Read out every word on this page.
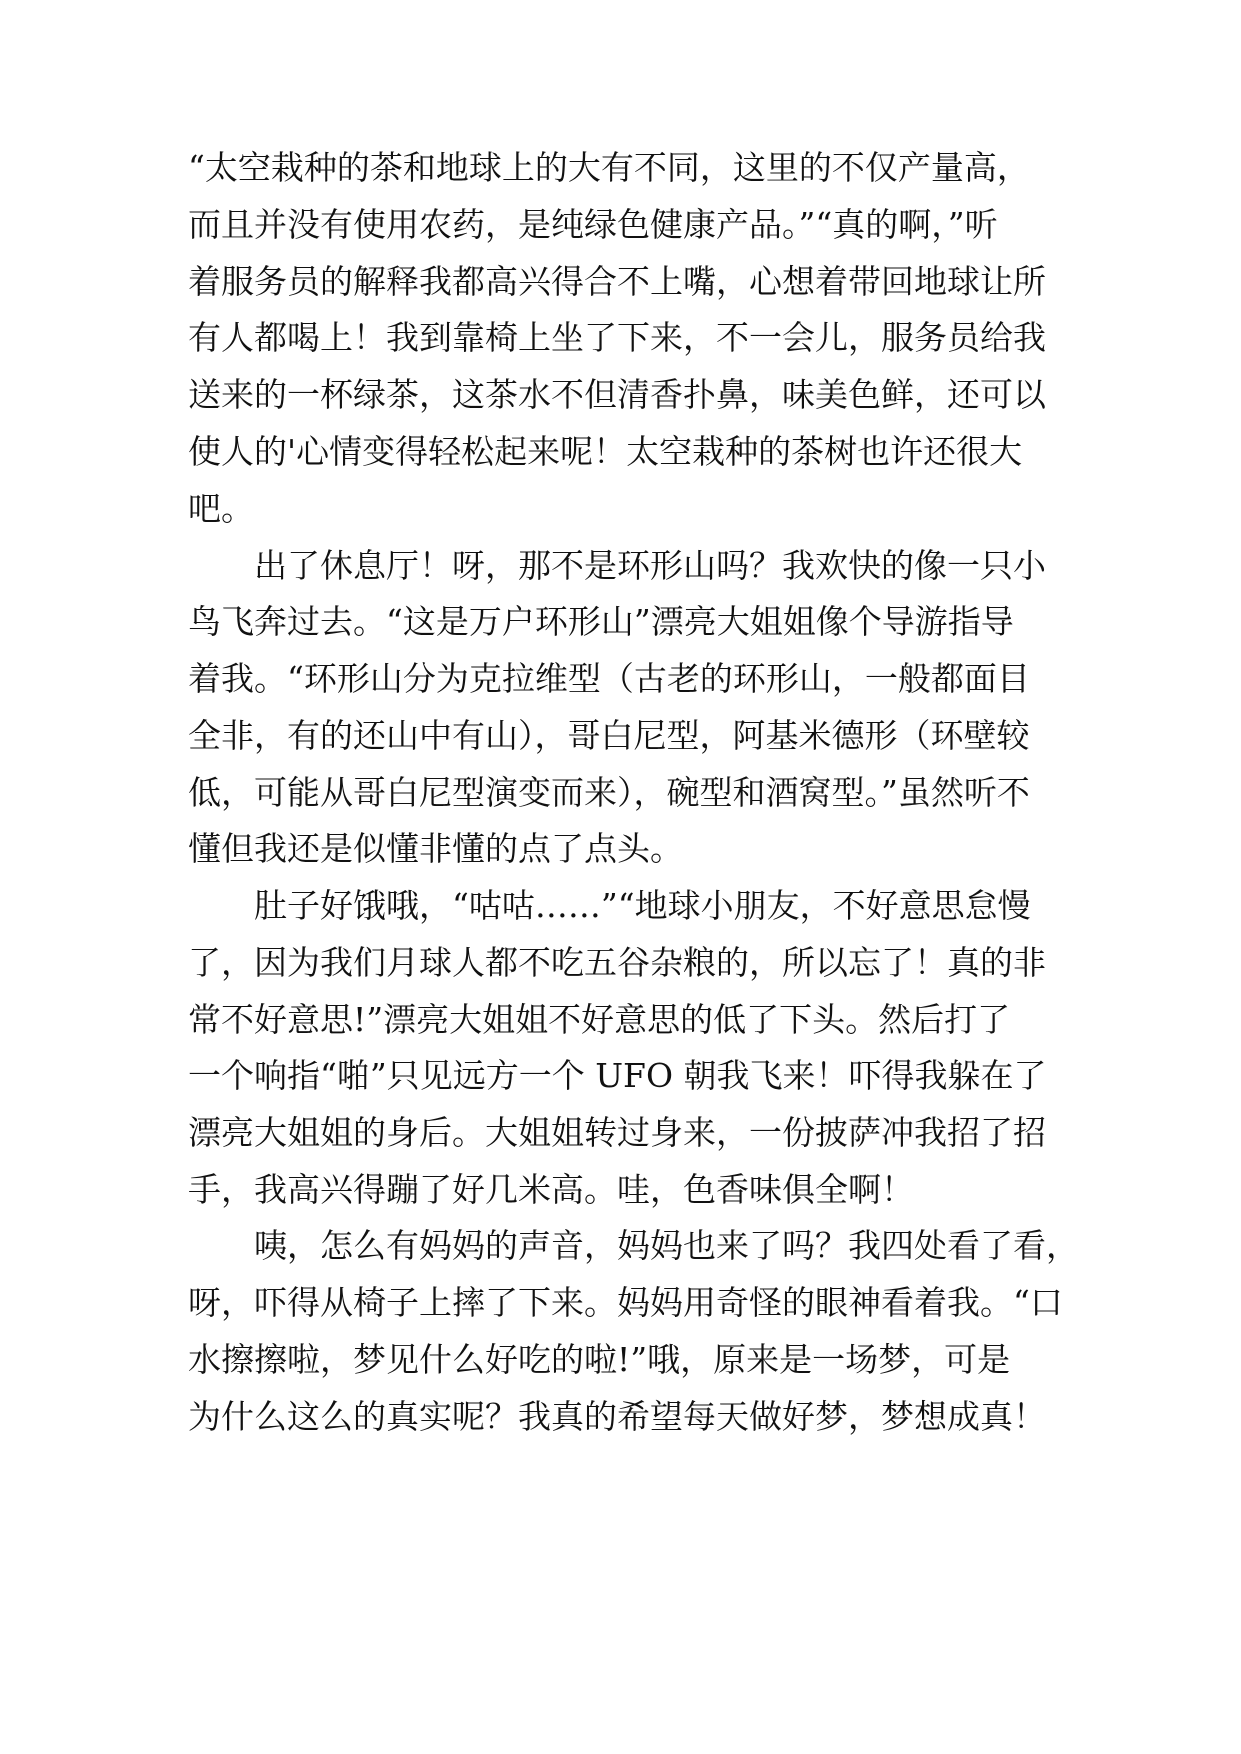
“太空栽种的茶和地球上的大有不同，这里的不仅产量高，
而且并没有使用农药，是纯绿色健康产品。”“真的啊，”听
着服务员的解释我都高兴得合不上嘴，心想着带回地球让所
有人都喝上！我到靠椅上坐了下来，不一会儿，服务员给我
送来的一杯绿茶，这茶水不但清香扑鼻，味美色鲜，还可以
使人的'心情变得轻松起来呢！太空栽种的茶树也许还很大
吧。
出了休息厅！呀，那不是环形山吗？我欢快的像一只小
鸟飞奔过去。“这是万户环形山”漂亮大姐姐像个导游指导
着我。“环形山分为克拉维型（古老的环形山，一般都面目
全非，有的还山中有山），哥白尼型，阿基米德形（环壁较
低，可能从哥白尼型演变而来），碗型和酒窝型。”虽然听不
懂但我还是似懂非懂的点了点头。
肚子好饿哦，“咕咕……”“地球小朋友，不好意思怠慢
了，因为我们月球人都不吃五谷杂粮的，所以忘了！真的非
常不好意思!”漂亮大姐姐不好意思的低了下头。然后打了
一个响指“啪”只见远方一个 UFO 朝我飞来！吓得我躲在了
漂亮大姐姐的身后。大姐姐转过身来，一份披萨冲我招了招
手，我高兴得蹦了好几米高。哇，色香味俱全啊！
咦，怎么有妈妈的声音，妈妈也来了吗？我四处看了看，
呀，吓得从椅子上摔了下来。妈妈用奇怪的眼神看着我。“口
水擦擦啦，梦见什么好吃的啦!”哦，原来是一场梦，可是
为什么这么的真实呢？我真的希望每天做好梦，梦想成真！
